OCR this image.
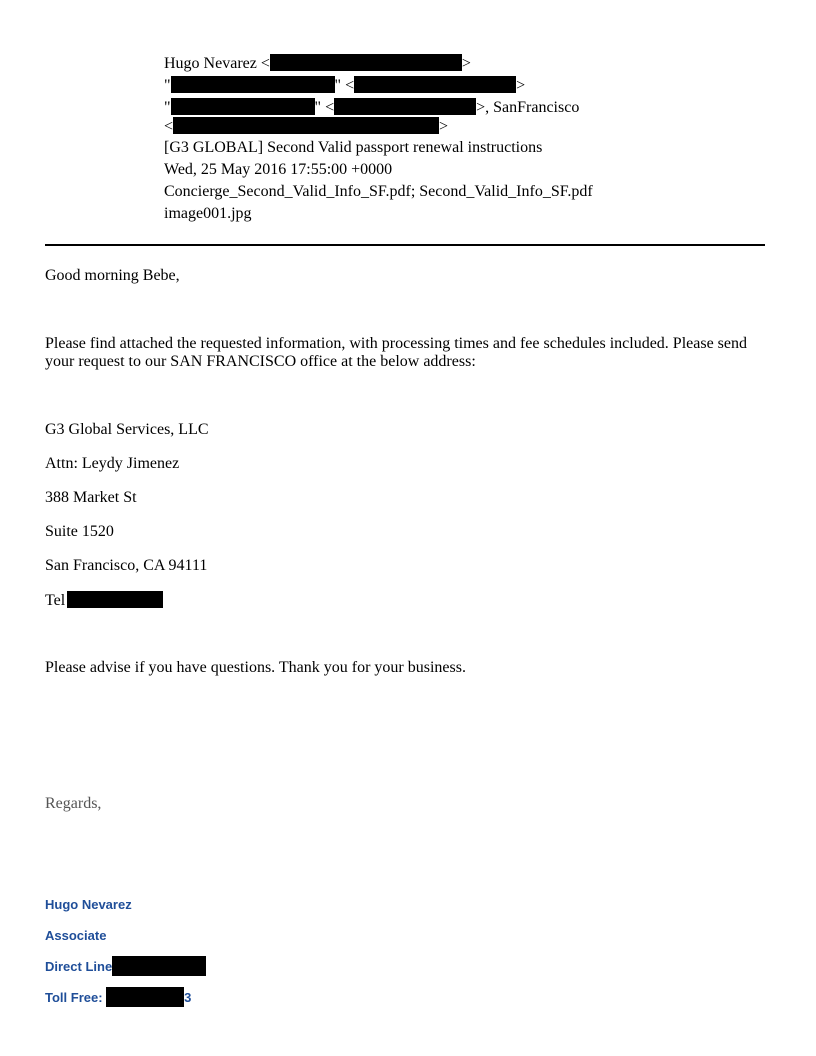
Hugo Nevarez <	>
"	" <	>
"	" <	>, SanFrancisco
<	>
[G3 GLOBAL] Second Valid passport renewal instructions
Wed, 25 May 2016 17:55:00 +0000
Concierge_Second_Valid_Info_SF.pdf; Second_Valid_Info_SF.pdf
image001.jpg
Good morning Bebe,
Please find attached the requested information, with processing times and fee schedules included. Please send your request to our SAN FRANCISCO office at the below address:
G3 Global Services, LLC
Attn: Leydy Jimenez
388 Market St
Suite 1520
San Francisco, CA 94111
Tel
Please advise if you have questions. Thank you for your business.
Regards,
Hugo Nevarez
Associate
Direct Line
Toll Free:	3
